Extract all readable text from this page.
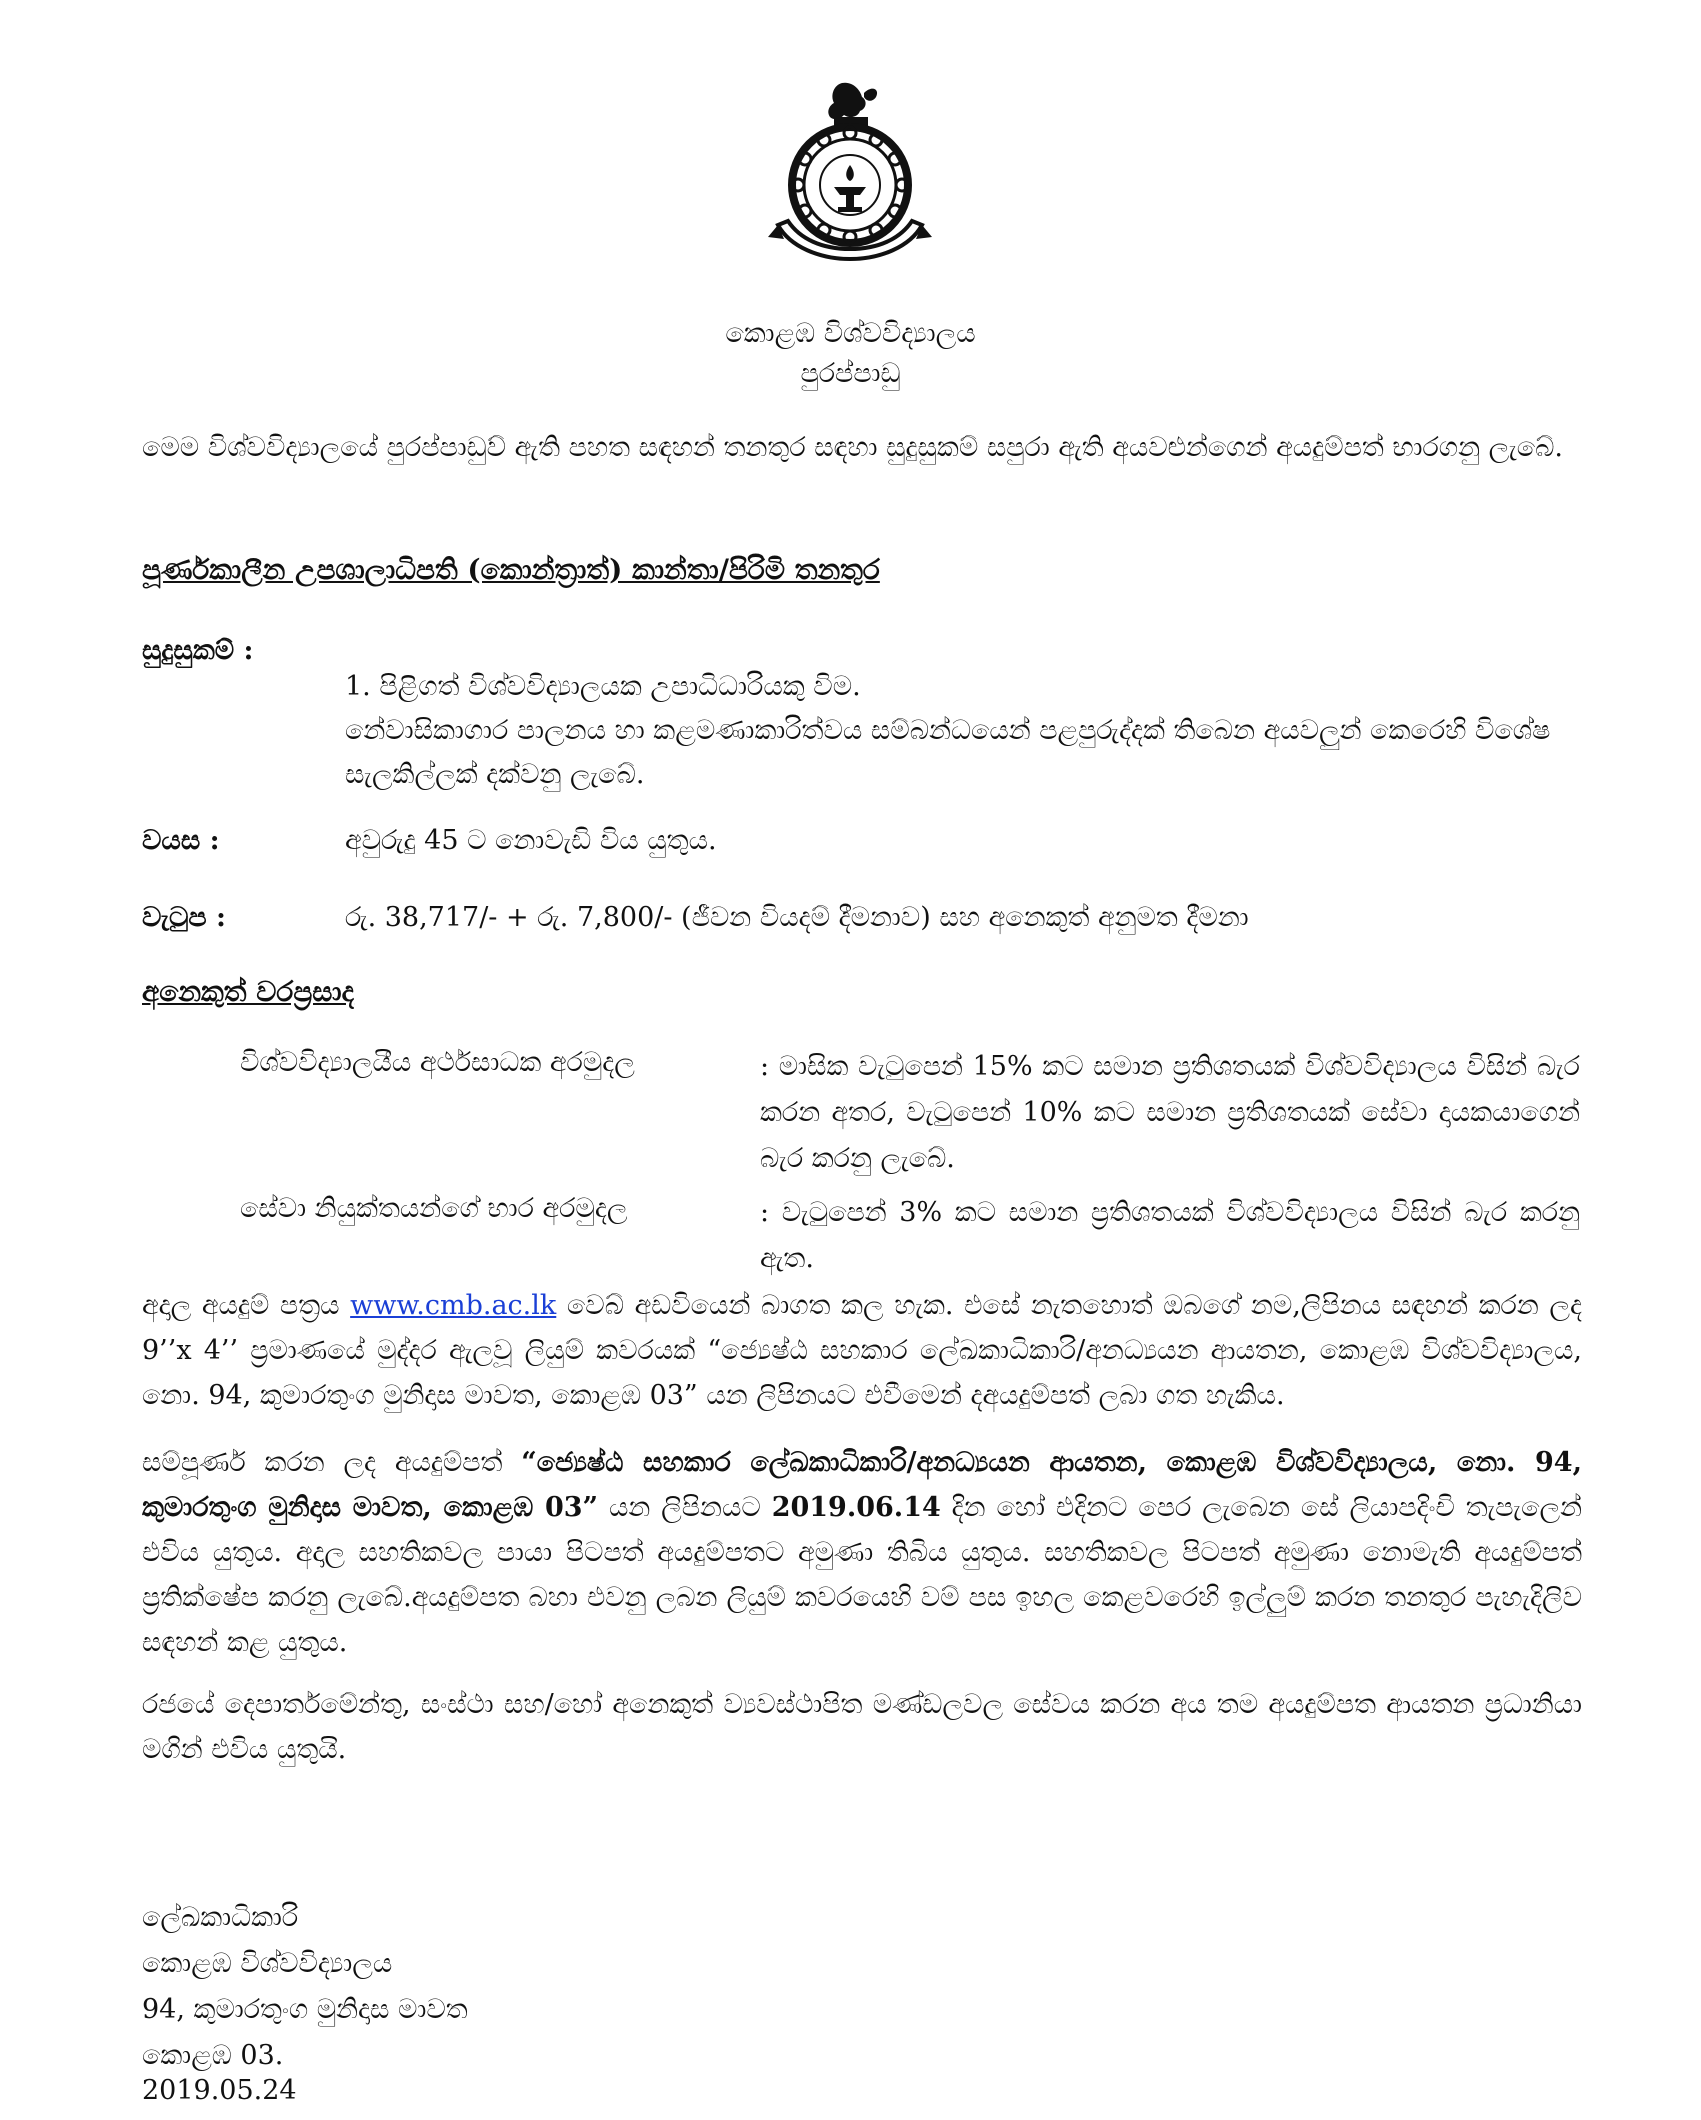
කොළඹ විශ්වවිද්‍යාලය
පුරප්පාඩු
මෙම විශ්වවිද්‍යාලයේ පුරප්පාඩුව් ඇති පහත සඳහන් තනතුර සඳහා සුදුසුකම් සපුරා ඇති අයවළුන්ගෙන් අයදුම්පත් භාරගනු ලැබේ.
පූර්ණකාලීන උපශාලාධිපති (කොන්ත්‍රාත්) කාන්තා/පිරිමි තනතුර
සුදුසුකම් :
1. පිළිගත් විශ්වවිද්‍යාලයක උපාධිධාරියකු විම.
නේවාසිකාගාර පාලනය හා කළමණාකාරිත්වය සම්බන්ධයෙන් පළපුරුද්දක් තිබෙන අයවලුන් කෙරෙහි විශේෂ සැලකිල්ලක් දක්වනු ලැබේ.
වයස :	අවුරුදු 45 ට නොවැඩි විය යුතුය.
වැටුප :	රු. 38,717/- + රු. 7,800/- (ජීවන වියදම් දීමනාව) සහ අනෙකුත් අනුමත දීමනා
අනෙකුත් වරප්‍රසාද
විශ්වවිද්‍යාලයීය අර්ථසාධක අරමුදල	: මාසික වැටුපෙන් 15% කට සමාන ප්‍රතිශතයක් විශ්වවිද්‍යාලය විසින් බැර කරන අතර, වැටුපෙන් 10% කට සමාන ප්‍රතිශතයක් සේවා දායකයාගෙන් බැර කරනු ලැබේ.
සේවා නියුක්තයන්ගේ භාර අරමුදල	: වැටුපෙන් 3% කට සමාන ප්‍රතිශතයක් විශ්වවිද්‍යාලය විසින් බැර කරනු ඇත.
අදාල අයදුම් පත්‍රය www.cmb.ac.lk වෙබ් අඩවියෙන් බාගත කල හැක. එසේ නැතහොත් ඔබගේ නම,ලිපිනය සඳහන් කරන ලද 9’’x 4’’ ප්‍රමාණයේ මුද්දර ඇලවූ ලියුම් කවරයක් “ජ්‍යෙෂ්ඨ සහකාර ලේඛකාධිකාරි/අනධ්‍යයන ආයතන, කොළඹ විශ්වවිද්‍යාලය, නො. 94, කුමාරතුංග මුනිදාස මාවත, කොළඹ 03” යන ලිපිනයට එවීමෙන් දඅයදුම්පත් ලබා ගත හැකිය.
සම්පූර්ණ කරන ලද අයදුම්පත් “ජ්‍යෙෂ්ඨ සහකාර ලේඛකාධිකාරි/අනධ්‍යයන ආයතන, කොළඹ විශ්වවිද්‍යාලය, නො. 94, කුමාරතුංග මුනිදාස මාවත, කොළඹ 03” යන ලිපිනයට 2019.06.14 දින හෝ එදිනට පෙර ලැබෙන සේ ලියාපදිංචි තැපැලෙන් එවිය යුතුය. අදාල සහතිකවල පායා පිටපත් අයදුම්පතට අමුණා තිබිය යුතුය. සහතිකවල පිටපත් අමුණා නොමැති අයදුම්පත් ප්‍රතික්ෂේප කරනු ලැබේ.අයදුම්පත බහා එවනු ලබන ලියුම් කවරයෙහි වම් පස ඉහල කෙළවරෙහි ඉල්ලුම් කරන තනතුර පැහැදිලිව සඳහන් කළ යුතුය.
රජයේ දෙපාර්තමේන්තු, සංස්ථා සහ/හෝ අනෙකුත් ව්‍යවස්ථාපිත මණ්ඩලවල සේවය කරන අය තම අයදුම්පත ආයතන ප්‍රධානියා මගින් එවිය යුතුයි.
ලේඛකාධිකාරි
කොළඹ විශ්වවිද්‍යාලය
94, කුමාරතුංග මුනිදාස මාවත
කොළඹ 03.
2019.05.24
